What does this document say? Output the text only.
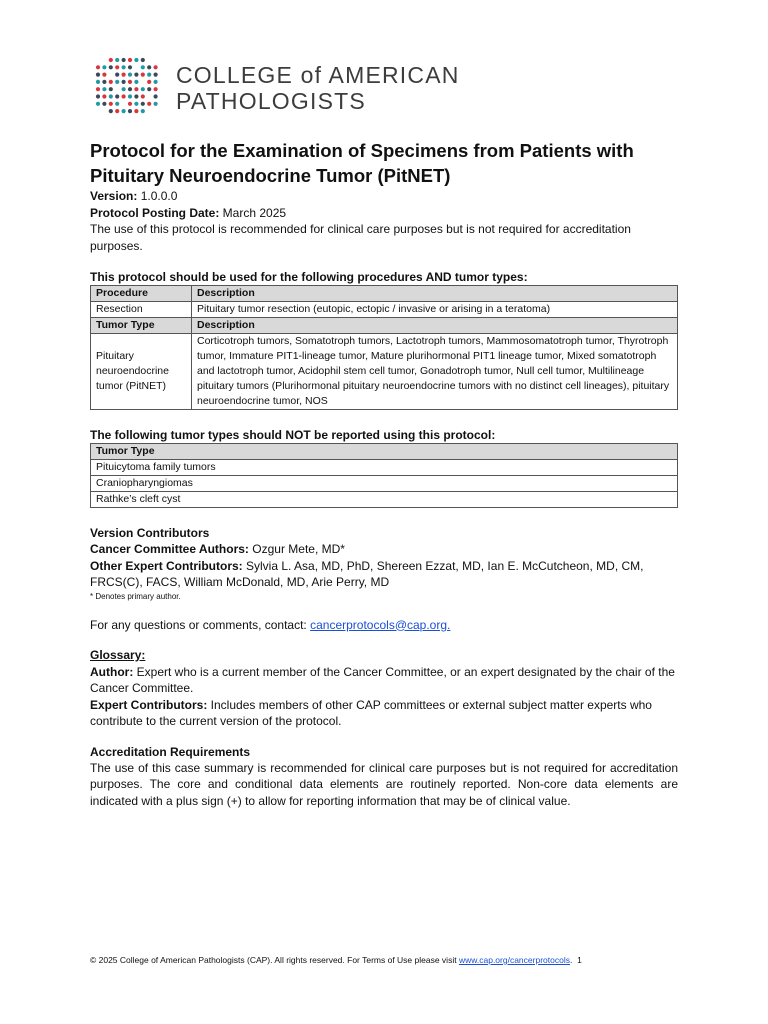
COLLEGE of AMERICAN
PATHOLOGISTS
Protocol for the Examination of Specimens from Patients with Pituitary Neuroendocrine Tumor (PitNET)
Version: 1.0.0.0
Protocol Posting Date: March 2025

The use of this protocol is recommended for clinical care purposes but is not required for accreditation purposes.

This protocol should be used for the following procedures AND tumor types:
Procedure	Description
Resection	Pituitary tumor resection (eutopic, ectopic / invasive or arising in a teratoma)
Tumor Type	Description
Pituitary neuroendocrine tumor (PitNET)	Corticotroph tumors, Somatotroph tumors, Lactotroph tumors, Mammosomatotroph tumor, Thyrotroph tumor, Immature PIT1-lineage tumor, Mature plurihormonal PIT1 lineage tumor, Mixed somatotroph and lactotroph tumor, Acidophil stem cell tumor, Gonadotroph tumor, Null cell tumor, Multilineage pituitary tumors (Plurihormonal pituitary neuroendocrine tumors with no distinct cell lineages), pituitary neuroendocrine tumor, NOS
The following tumor types should NOT be reported using this protocol:
Tumor Type
Pituicytoma family tumors
Craniopharyngiomas
Rathke’s cleft cyst
Version Contributors

Cancer Committee Authors: Ozgur Mete, MD*

Other Expert Contributors: Sylvia L. Asa, MD, PhD, Shereen Ezzat, MD, Ian E. McCutcheon, MD, CM, FRCS(C), FACS, William McDonald, MD, Arie Perry, MD

* Denotes primary author.

For any questions or comments, contact: cancerprotocols@cap.org.

Glossary:

Author: Expert who is a current member of the Cancer Committee, or an expert designated by the chair of the Cancer Committee.

Expert Contributors: Includes members of other CAP committees or external subject matter experts who contribute to the current version of the protocol.

Accreditation Requirements

The use of this case summary is recommended for clinical care purposes but is not required for accreditation purposes. The core and conditional data elements are routinely reported. Non-core data elements are indicated with a plus sign (+) to allow for reporting information that may be of clinical value.

© 2025 College of American Pathologists (CAP). All rights reserved. For Terms of Use please visit www.cap.org/cancerprotocols. 1
